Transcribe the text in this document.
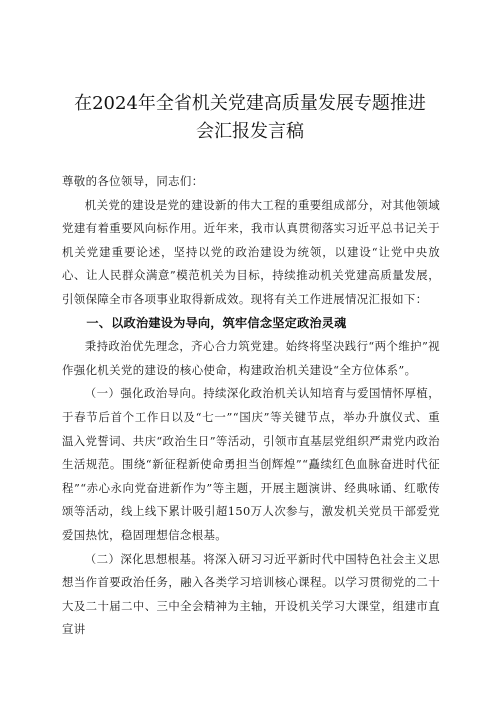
在2024年全省机关党建高质量发展专题推进
会汇报发言稿

尊敬的各位领导，同志们：

机关党的建设是党的建设新的伟大工程的重要组成部分，对其他领域党建有着重要风向标作用。近年来，我市认真贯彻落实习近平总书记关于机关党建重要论述，坚持以党的政治建设为统领，以建设“让党中央放心、让人民群众满意”模范机关为目标，持续推动机关党建高质量发展，引领保障全市各项事业取得新成效。现将有关工作进展情况汇报如下：

一、以政治建设为导向，筑牢信念坚定政治灵魂

秉持政治优先理念，齐心合力筑党建。始终将坚决践行“两个维护”视作强化机关党的建设的核心使命，构建政治机关建设“全方位体系”。

（一）强化政治导向。持续深化政治机关认知培育与爱国情怀厚植，于春节后首个工作日以及“七一”“国庆”等关键节点，举办升旗仪式、重温入党誓词、共庆“政治生日”等活动，引领市直基层党组织严肃党内政治生活规范。围绕“新征程新使命勇担当创辉煌”“矗续红色血脉奋进时代征程”“赤心永向党奋进新作为”等主题，开展主题演讲、经典咏诵、红歌传颂等活动，线上线下累计吸引超150万人次参与，激发机关党员干部爱党爱国热忱，稳固理想信念根基。

（二）深化思想根基。将深入研习习近平新时代中国特色社会主义思想当作首要政治任务，融入各类学习培训核心课程。以学习贯彻党的二十大及二十届二中、三中全会精神为主轴，开设机关学习大课堂，组建市直宣讲
